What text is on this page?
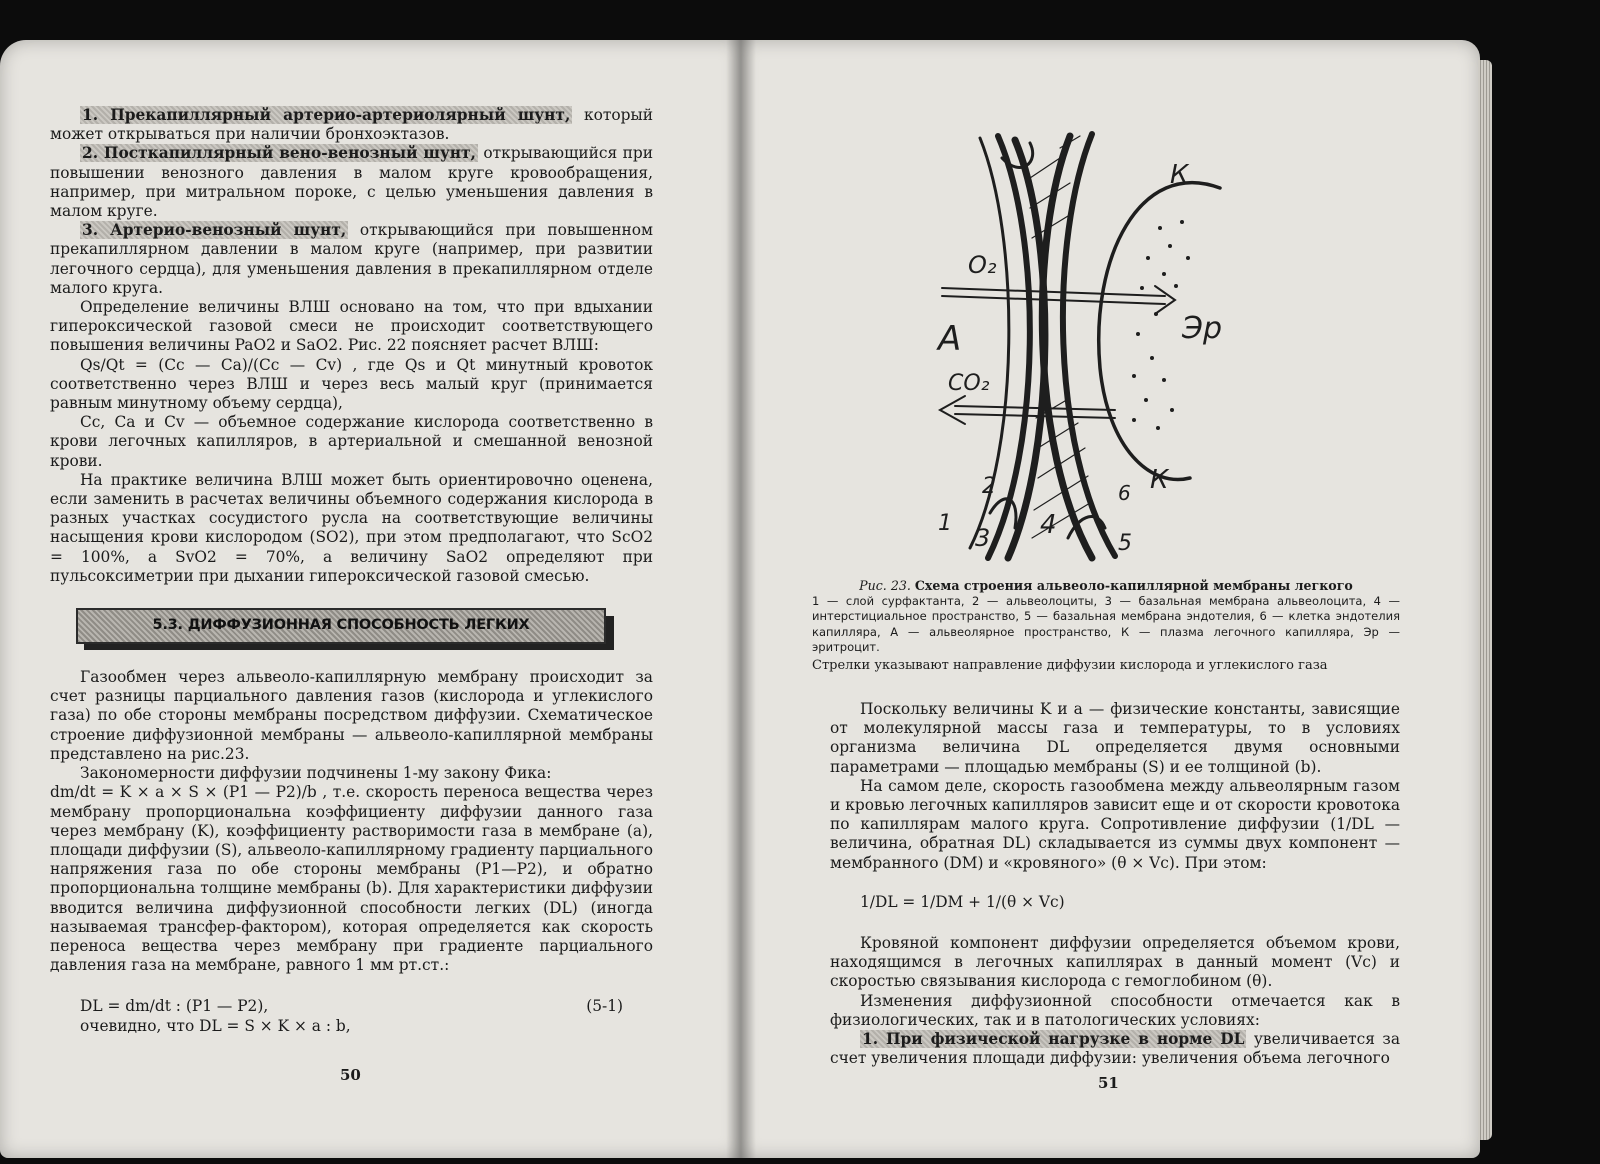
1. Прекапиллярный артерио-артериолярный шунт, который может открываться при наличии бронхоэктазов.

2. Посткапиллярный вено-венозный шунт, открывающийся при повышении венозного давления в малом круге кровообращения, например, при митральном пороке, с целью уменьшения давления в малом круге.

3. Артерио-венозный шунт, открывающийся при повышенном прекапиллярном давлении в малом круге (например, при развитии легочного сердца), для уменьшения давления в прекапиллярном отделе малого круга.

Определение величины ВЛШ основано на том, что при вдыхании гипероксической газовой смеси не происходит соответствующего повышения величины PaO2 и SaO2. Рис. 22 поясняет расчет ВЛШ:

Qs/Qt = (Cc — Ca)/(Cc — Cv) , где Qs и Qt минутный кровоток соответственно через ВЛШ и через весь малый круг (принимается равным минутному объему сердца),

Cc, Ca и Cv — объемное содержание кислорода соответственно в крови легочных капилляров, в артериальной и смешанной венозной крови.

На практике величина ВЛШ может быть ориентировочно оценена, если заменить в расчетах величины объемного содержания кислорода в разных участках сосудистого русла на соответствующие величины насыщения крови кислородом (SO2), при этом предполагают, что ScO2 = 100%, а SvO2 = 70%, а величину SaO2 определяют при пульсоксиметрии при дыхании гипероксической газовой смесью.

5.3. ДИФФУЗИОННАЯ СПОСОБНОСТЬ ЛЕГКИХ

Газообмен через альвеоло-капиллярную мембрану происходит за счет разницы парциального давления газов (кислорода и углекислого газа) по обе стороны мембраны посредством диффузии. Схематическое строение диффузионной мембраны — альвеоло-капиллярной мембраны представлено на рис.23.

Закономерности диффузии подчинены 1-му закону Фика:

dm/dt = K × a × S × (P1 — P2)/b , т.е. скорость переноса вещества через мембрану пропорциональна коэффициенту диффузии данного газа через мембрану (K), коэффициенту растворимости газа в мембране (a), площади диффузии (S), альвеоло-капиллярному градиенту парциального напряжения газа по обе стороны мембраны (P1—P2), и обратно пропорциональна толщине мембраны (b). Для характеристики диффузии вводится величина диффузионной способности легких (DL) (иногда называемая трансфер-фактором), которая определяется как скорость переноса вещества через мембрану при градиенте парциального давления газа на мембране, равного 1 мм рт.ст.:

DL = dm/dt : (P1 — P2),	(5-1)

очевидно, что DL = S × K × a : b,

50
К
К
O₂
CO₂
А	Эр
1
2
3 4
5
6
Рис. 23. Схема строения альвеоло-капиллярной мембраны легкого
1 — слой сурфактанта, 2 — альвеолоциты, 3 — базальная мембрана альвеолоцита, 4 — интерстициальное пространство, 5 — базальная мембрана эндотелия, 6 — клетка эндотелия капилляра, А — альвеолярное пространство, К — плазма легочного капилляра, Эр — эритроцит.
Стрелки указывают направление диффузии кислорода и углекислого газа

Поскольку величины K и a — физические константы, зависящие от молекулярной массы газа и температуры, то в условиях организма величина DL определяется двумя основными параметрами — площадью мембраны (S) и ее толщиной (b).

На самом деле, скорость газообмена между альвеолярным газом и кровью легочных капилляров зависит еще и от скорости кровотока по капиллярам малого круга. Сопротивление диффузии (1/DL — величина, обратная DL) складывается из суммы двух компонент — мембранного (DM) и «кровяного» (θ × Vc). При этом:

1/DL = 1/DM + 1/(θ × Vc)

Кровяной компонент диффузии определяется объемом крови, находящимся в легочных капиллярах в данный момент (Vc) и скоростью связывания кислорода с гемоглобином (θ).

Изменения диффузионной способности отмечается как в физиологических, так и в патологических условиях:

1. При физической нагрузке в норме DL увеличивается за счет увеличения площади диффузии: увеличения объема легочного

51
